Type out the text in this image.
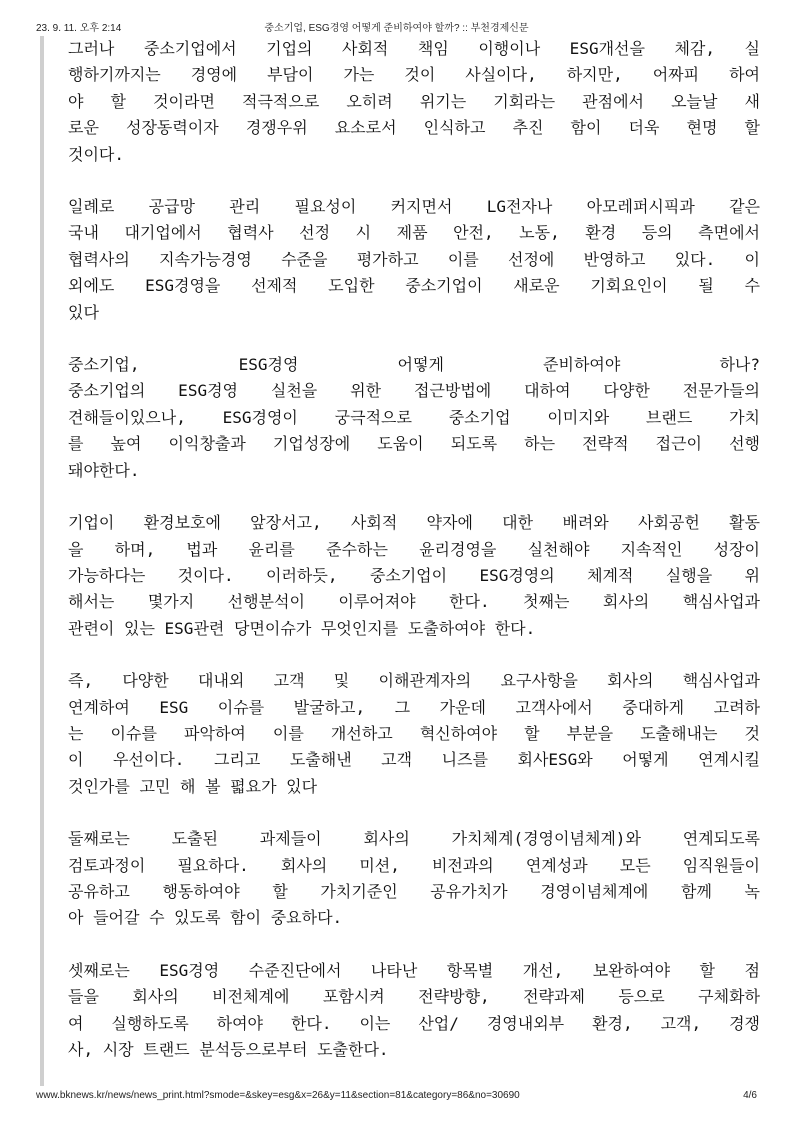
23. 9. 11. 오후 2:14	중소기업, ESG경영 어떻게 준비하여야 할까? :: 부천경제신문
그러나 중소기업에서 기업의 사회적 책임 이행이나 ESG개선을 체감, 실
행하기까지는 경영에 부담이 가는 것이 사실이다, 하지만, 어짜피 하여
야 할 것이라면 적극적으로 오히려 위기는 기회라는 관점에서 오늘날 새
로운 성장동력이자 경쟁우위 요소로서 인식하고 추진 함이 더욱 현명 할
것이다.
일례로 공급망 관리 필요성이 커지면서 LG전자나 아모레퍼시픽과 같은
국내 대기업에서 협력사 선정 시 제품 안전, 노동, 환경 등의 측면에서
협력사의 지속가능경영 수준을 평가하고 이를 선정에 반영하고 있다. 이
외에도 ESG경영을 선제적 도입한 중소기업이 새로운 기회요인이 될 수
있다
중소기업, ESG경영 어떻게 준비하여야 하나?
중소기업의 ESG경영 실천을 위한 접근방법에 대하여 다양한 전문가들의
견해들이있으나, ESG경영이 궁극적으로 중소기업 이미지와 브랜드 가치
를 높여 이익창출과 기업성장에 도움이 되도록 하는 전략적 접근이 선행
돼야한다.
기업이 환경보호에 앞장서고, 사회적 약자에 대한 배려와 사회공헌 활동
을 하며, 법과 윤리를 준수하는 윤리경영을 실천해야 지속적인 성장이
가능하다는 것이다. 이러하듯, 중소기업이 ESG경영의 체계적 실행을 위
해서는 몇가지 선행분석이 이루어져야 한다. 첫째는 회사의 핵심사업과
관련이 있는 ESG관련 당면이슈가 무엇인지를 도출하여야 한다.
즉, 다양한 대내외 고객 및 이해관계자의 요구사항을 회사의 핵심사업과
연계하여 ESG 이슈를 발굴하고, 그 가운데 고객사에서 중대하게 고려하
는 이슈를 파악하여 이를 개선하고 혁신하여야 할 부분을 도출해내는 것
이 우선이다. 그리고 도출해낸 고객 니즈를 회사ESG와 어떻게 연계시킬
것인가를 고민 해 볼 펿요가 있다
둘째로는 도출된 과제들이 회사의 가치체계(경영이념체계)와 연계되도록
검토과정이 필요하다. 회사의 미션, 비전과의 연계성과 모든 임직원들이
공유하고 행동하여야 할 가치기준인 공유가치가 경영이념체계에 함께 녹
아 들어갈 수 있도록 함이 중요하다.
셋째로는 ESG경영 수준진단에서 나타난 항목별 개선, 보완하여야 할 점
들을 회사의 비전체계에 포함시켜 전략방향, 전략과제 등으로 구체화하
여 실행하도록 하여야 한다. 이는 산업/ 경영내외부 환경, 고객, 경쟁
사, 시장 트랜드 분석등으로부터 도출한다.
www.bknews.kr/news/news_print.html?smode=&skey=esg&x=26&y=11&section=81&category=86&no=30690	4/6
